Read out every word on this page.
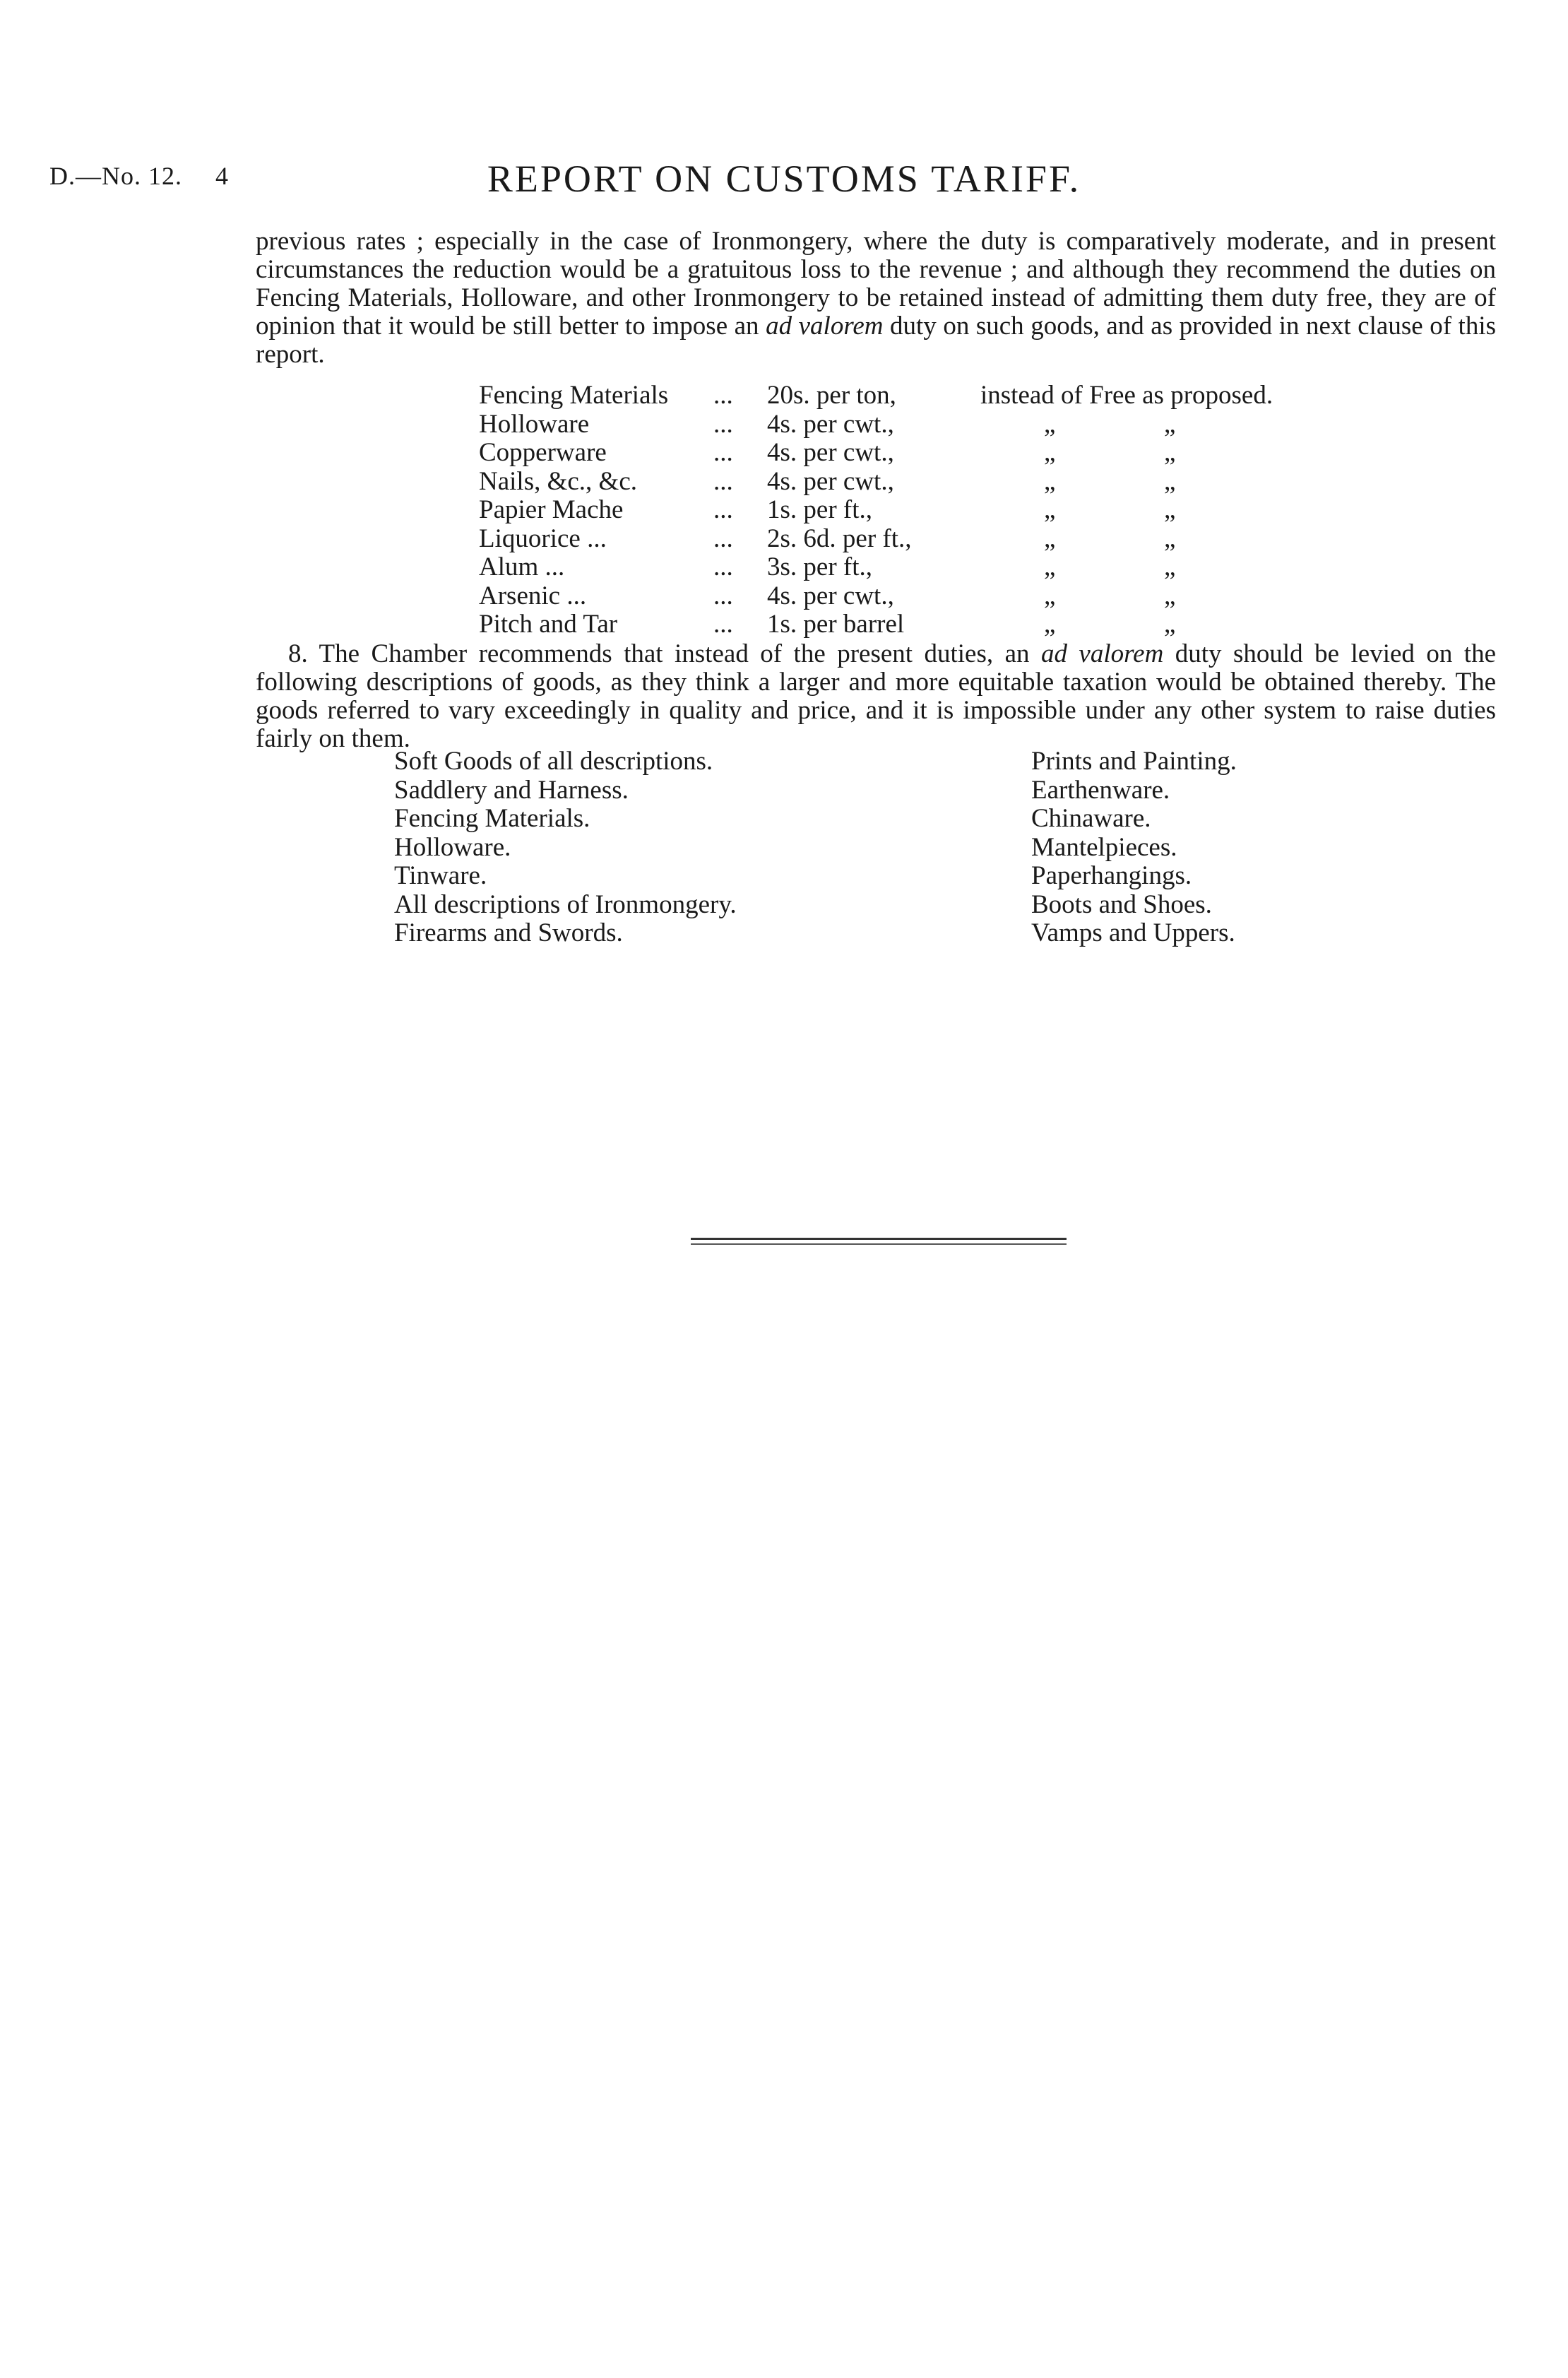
D.—No. 12. 4	REPORT ON CUSTOMS TARIFF.

previous rates ; especially in the case of Ironmongery, where the duty is comparatively moderate, and in present circumstances the reduction would be a gratuitous loss to the revenue ; and although they recommend the duties on Fencing Materials, Holloware, and other Ironmongery to be retained instead of admitting them duty free, they are of opinion that it would be still better to impose an ad valorem duty on such goods, and as provided in next clause of this report.

Fencing Materials ... 20s. per ton,	instead of Free as proposed.
Holloware	... 4s. per cwt.,	„	„
Copperware	... 4s. per cwt.,	„	„
Nails, &c., &c.	... 4s. per cwt.,	„	„
Papier Mache	... 1s. per ft.,	„	„
Liquorice ...	... 2s. 6d. per ft.,	„	„
Alum ...	... 3s. per ft.,	„	„
Arsenic ...	... 4s. per cwt.,	„	„
Pitch and Tar	... 1s. per barrel	„	„

8. The Chamber recommends that instead of the present duties, an ad valorem duty should be levied on the following descriptions of goods, as they think a larger and more equitable taxation would be obtained thereby. The goods referred to vary exceedingly in quality and price, and it is impossible under any other system to raise duties fairly on them.

Soft Goods of all descriptions.
Saddlery and Harness.
Fencing Materials.
Holloware.
Tinware.
All descriptions of Ironmongery.
Firearms and Swords.
Prints and Painting.
Earthenware.
Chinaware.
Mantelpieces.
Paperhangings.
Boots and Shoes.
Vamps and Uppers.
